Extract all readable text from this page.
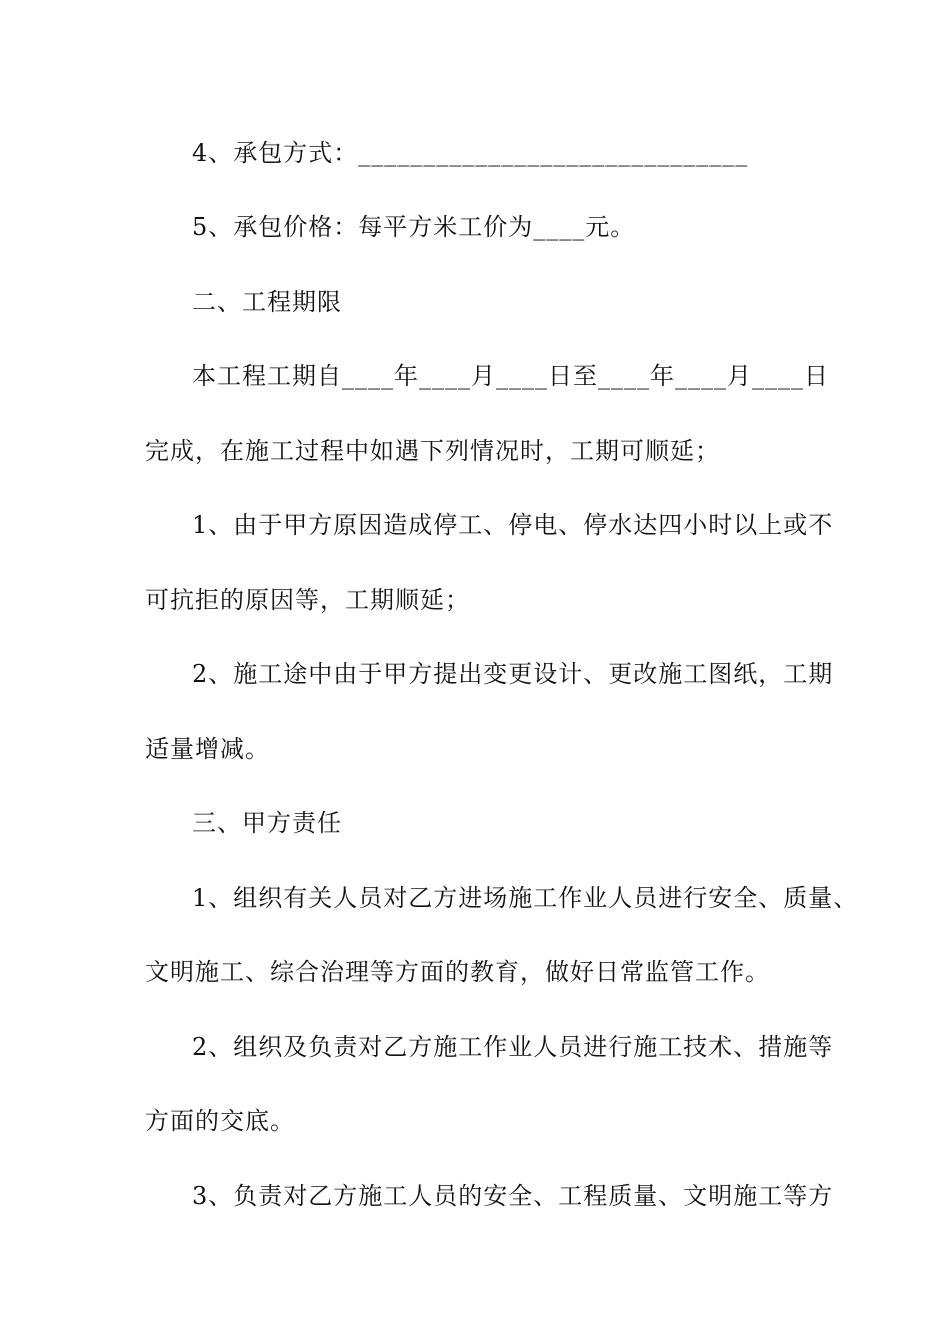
4、承包方式：______________________________
5、承包价格：每平方米工价为____元。
二、工程期限
本工程工期自____年____月____日至____年____月____日
完成，在施工过程中如遇下列情况时，工期可顺延；
1、由于甲方原因造成停工、停电、停水达四小时以上或不
可抗拒的原因等，工期顺延；
2、施工途中由于甲方提出变更设计、更改施工图纸，工期
适量增减。
三、甲方责任
1、组织有关人员对乙方进场施工作业人员进行安全、质量、
文明施工、综合治理等方面的教育，做好日常监管工作。
2、组织及负责对乙方施工作业人员进行施工技术、措施等
方面的交底。
3、负责对乙方施工人员的安全、工程质量、文明施工等方
